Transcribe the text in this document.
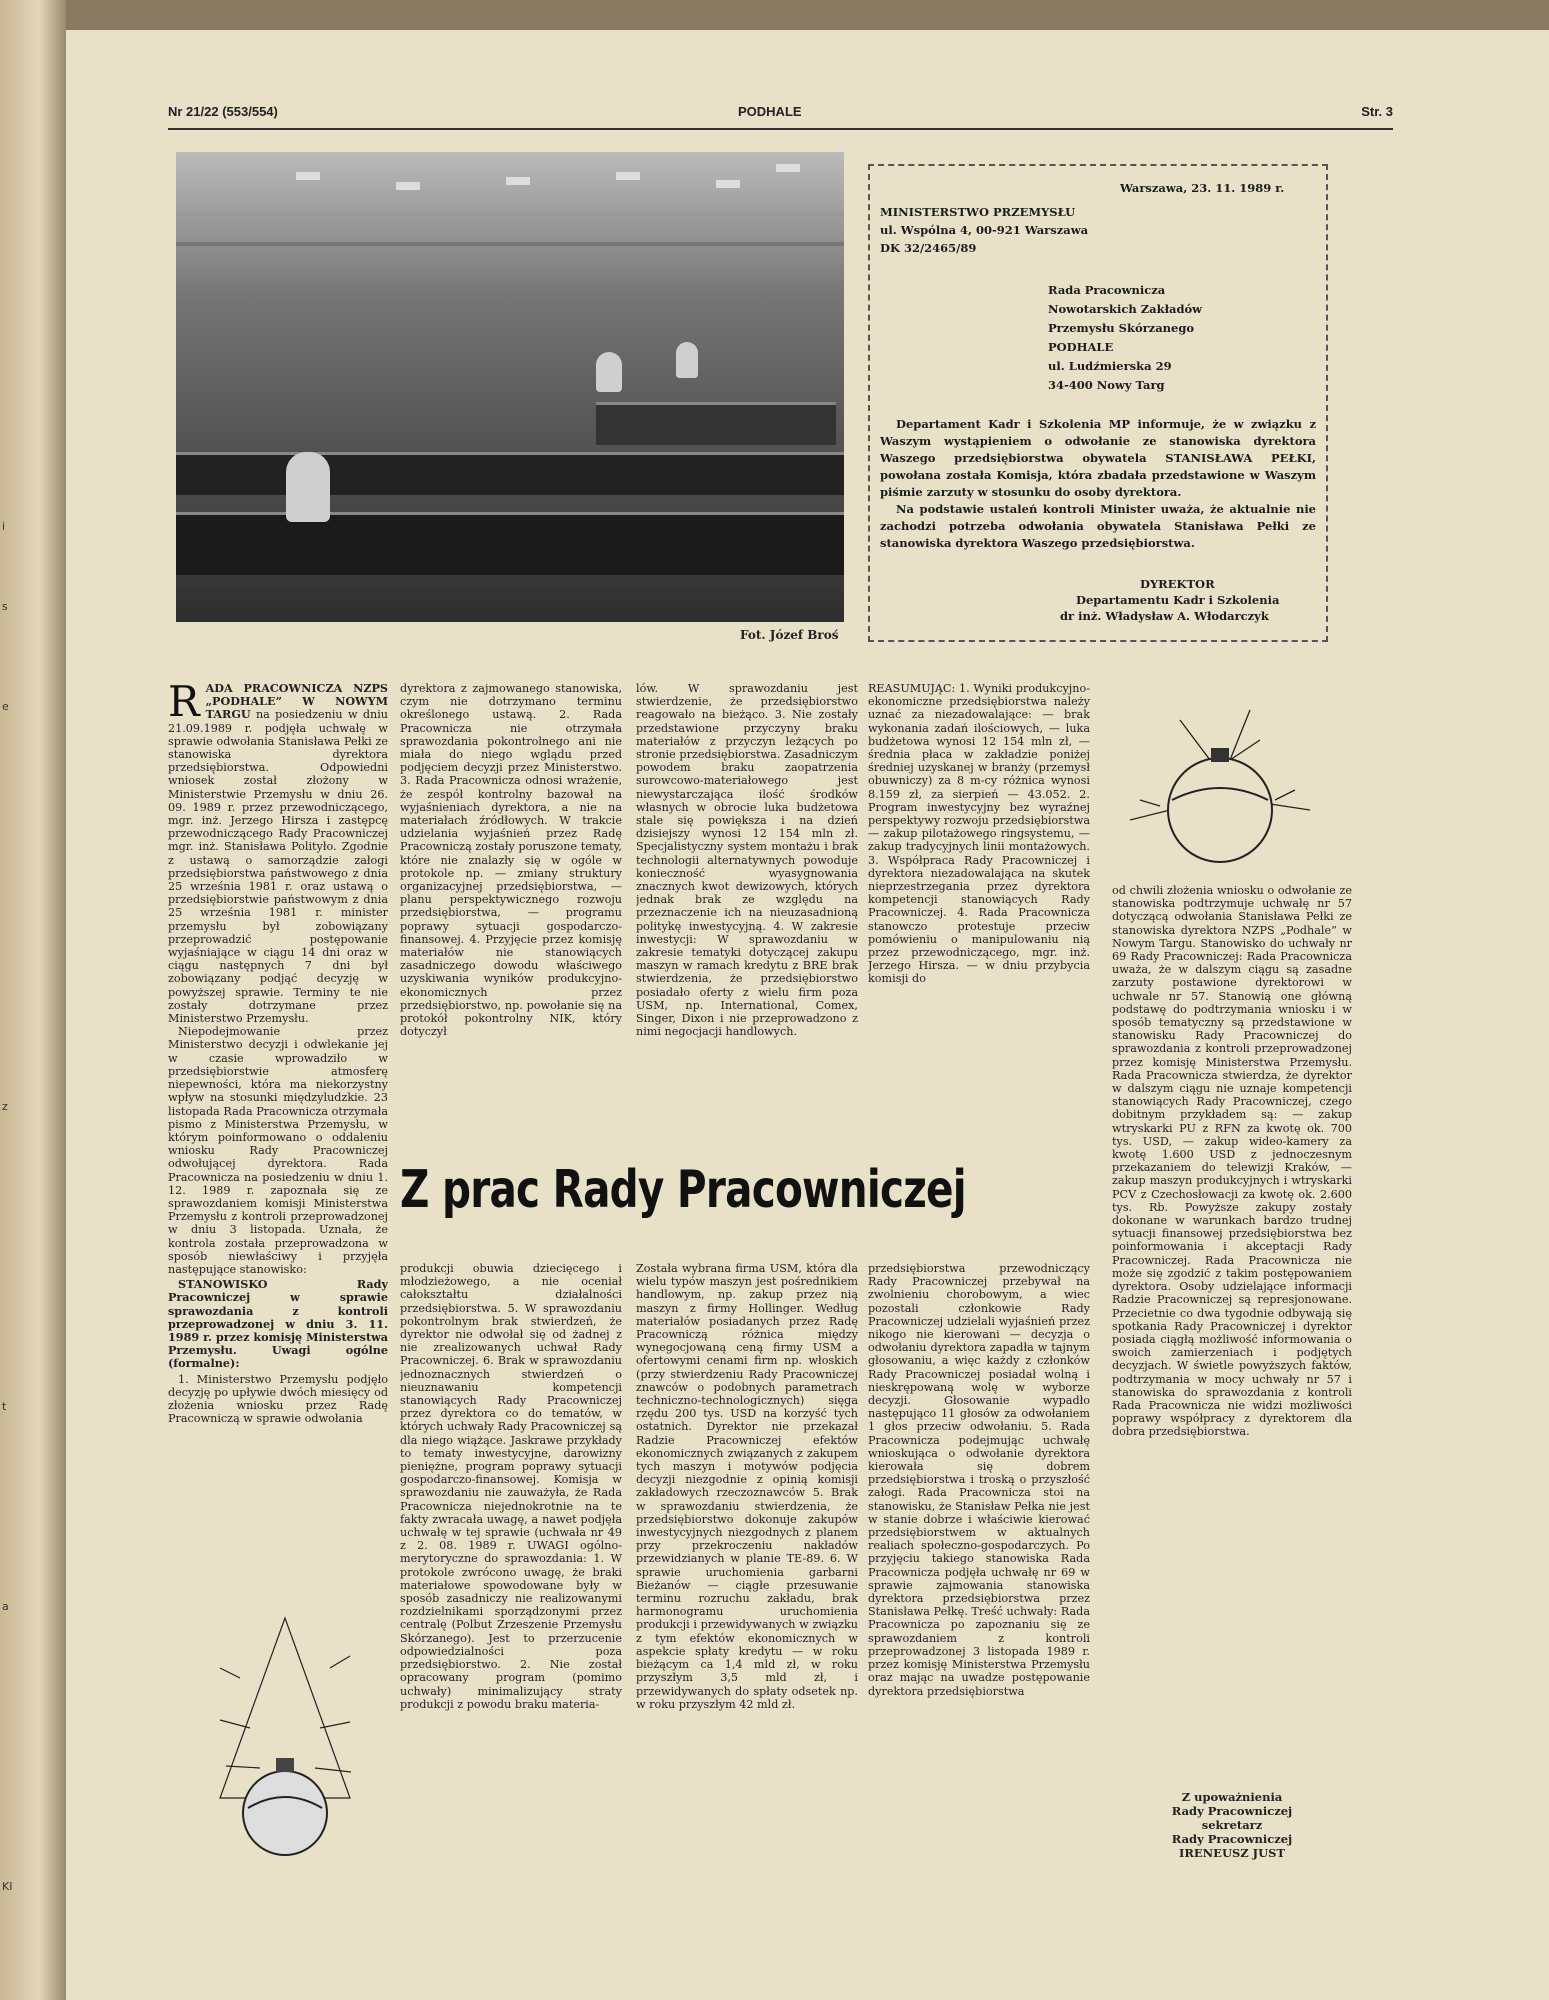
i
s
e
z
t
a
KI
Nr 21/22 (553/554)	PODHALE	Str. 3
Fot. Józef Broś
Warszawa, 23. 11. 1989 r.
MINISTERSTWO PRZEMYSŁU
ul. Wspólna 4, 00-921 Warszawa
DK 32/2465/89
Rada Pracownicza
Nowotarskich Zakładów
Przemysłu Skórzanego
PODHALE
ul. Ludźmierska 29
34-400 Nowy Targ
Departament Kadr i Szkolenia MP informuje, że w związku z Waszym wystąpieniem o odwołanie ze stanowiska dyrektora Waszego przedsiębiorstwa obywatela STANISŁAWA PEŁKI, powołana została Komisja, która zbadała przedstawione w Waszym piśmie zarzuty w stosunku do osoby dyrektora.
Na podstawie ustaleń kontroli Minister uważa, że aktualnie nie zachodzi potrzeba odwołania obywatela Stanisława Pełki ze stanowiska dyrektora Waszego przedsiębiorstwa.
DYREKTOR
Departamentu Kadr i Szkolenia
dr inż. Władysław A. Włodarczyk
R ADA PRACOWNICZA NZPS „PODHALE” W NOWYM TARGU na posiedzeniu w dniu 21.09.1989 r. podjęła uchwałę w sprawie odwołania Stanisława Pełki ze stanowiska dyrektora przedsiębiorstwa. Odpowiedni wniosek został złożony w Ministerstwie Przemysłu w dniu 26. 09. 1989 r. przez przewodniczącego, mgr. inż. Jerzego Hirsza i zastępcę przewodniczącego Rady Pracowniczej mgr. inż. Stanisława Polityło. Zgodnie z ustawą o samorządzie załogi przedsiębiorstwa państwowego z dnia 25 września 1981 r. oraz ustawą o przedsiębiorstwie państwowym z dnia 25 września 1981 r. minister przemysłu był zobowiązany przeprowadzić postępowanie wyjaśniające w ciągu 14 dni oraz w ciągu następnych 7 dni był zobowiązany podjąć decyzję w powyższej sprawie. Terminy te nie zostały dotrzymane przez Ministerstwo Przemysłu.

Niepodejmowanie przez Ministerstwo decyzji i odwlekanie jej w czasie wprowadziło w przedsiębiorstwie atmosferę niepewności, która ma niekorzystny wpływ na stosunki międzyludzkie. 23 listopada Rada Pracownicza otrzymała pismo z Ministerstwa Przemysłu, w którym poinformowano o oddaleniu wniosku Rady Pracowniczej odwołującej dyrektora. Rada Pracownicza na posiedzeniu w dniu 1. 12. 1989 r. zapoznała się ze sprawozdaniem komisji Ministerstwa Przemysłu z kontroli przeprowadzonej w dniu 3 listopada. Uznała, że kontrola została przeprowadzona w sposób niewłaściwy i przyjęła następujące stanowisko:

STANOWISKO Rady Pracowniczej w sprawie sprawozdania z kontroli przeprowadzonej w dniu 3. 11. 1989 r. przez komisję Ministerstwa Przemysłu. Uwagi ogólne (formalne):

1. Ministerstwo Przemysłu podjęło decyzję po upływie dwóch miesięcy od złożenia wniosku przez Radę Pracowniczą w sprawie odwołania

dyrektora z zajmowanego stanowiska, czym nie dotrzymano terminu określonego ustawą. 2. Rada Pracownicza nie otrzymała sprawozdania pokontrolnego ani nie miała do niego wglądu przed podjęciem decyzji przez Ministerstwo. 3. Rada Pracownicza odnosi wrażenie, że zespół kontrolny bazował na wyjaśnieniach dyrektora, a nie na materiałach źródłowych. W trakcie udzielania wyjaśnień przez Radę Pracowniczą zostały poruszone tematy, które nie znalazły się w ogóle w protokole np. — zmiany struktury organizacyjnej przedsiębiorstwa, — planu perspektywicznego rozwoju przedsiębiorstwa, — programu poprawy sytuacji gospodarczo-finansowej. 4. Przyjęcie przez komisję materiałów nie stanowiących zasadniczego dowodu właściwego uzyskiwania wyników produkcyjno-ekonomicznych przez przedsiębiorstwo, np. powołanie się na protokół pokontrolny NIK, który dotyczył
lów. W sprawozdaniu jest stwierdzenie, że przedsiębiorstwo reagowało na bieżąco. 3. Nie zostały przedstawione przyczyny braku materiałów z przyczyn leżących po stronie przedsiębiorstwa. Zasadniczym powodem braku zaopatrzenia surowcowo-materiałowego jest niewystarczająca ilość środków własnych w obrocie luka budżetowa stale się powiększa i na dzień dzisiejszy wynosi 12 154 mln zł. Specjalistyczny system montażu i brak technologii alternatywnych powoduje konieczność wyasygnowania znacznych kwot dewizowych, których jednak brak ze względu na przeznaczenie ich na nieuzasadnioną politykę inwestycyjną. 4. W zakresie inwestycji: W sprawozdaniu w zakresie tematyki dotyczącej zakupu maszyn w ramach kredytu z BRE brak stwierdzenia, że przedsiębiorstwo posiadało oferty z wielu firm poza USM, np. International, Comex, Singer, Dixon i nie przeprowadzono z nimi negocjacji handlowych.
REASUMUJĄC: 1. Wyniki produkcyjno-ekonomiczne przedsiębiorstwa należy uznać za niezadowalające: — brak wykonania zadań ilościowych, — luka budżetowa wynosi 12 154 mln zł, — średnia płaca w zakładzie poniżej średniej uzyskanej w branży (przemysł obuwniczy) za 8 m-cy różnica wynosi 8.159 zł, za sierpień — 43.052. 2. Program inwestycyjny bez wyraźnej perspektywy rozwoju przedsiębiorstwa — zakup pilotażowego ringsystemu, — zakup tradycyjnych linii montażowych. 3. Współpraca Rady Pracowniczej i dyrektora niezadowalająca na skutek nieprzestrzegania przez dyrektora kompetencji stanowiących Rady Pracowniczej. 4. Rada Pracownicza stanowczo protestuje przeciw pomówieniu o manipulowaniu nią przez przewodniczącego, mgr. inż. Jerzego Hirsza. — w dniu przybycia komisji do
Z prac Rady Pracowniczej
produkcji obuwia dziecięcego i młodzieżowego, a nie oceniał całokształtu działalności przedsiębiorstwa. 5. W sprawozdaniu pokontrolnym brak stwierdzeń, że dyrektor nie odwołał się od żadnej z nie zrealizowanych uchwał Rady Pracowniczej. 6. Brak w sprawozdaniu jednoznacznych stwierdzeń o nieuznawaniu kompetencji stanowiących Rady Pracowniczej przez dyrektora co do tematów, w których uchwały Rady Pracowniczej są dla niego wiążące. Jaskrawe przykłady to tematy inwestycyjne, darowizny pieniężne, program poprawy sytuacji gospodarczo-finansowej. Komisja w sprawozdaniu nie zauważyła, że Rada Pracownicza niejednokrotnie na te fakty zwracała uwagę, a nawet podjęła uchwałę w tej sprawie (uchwała nr 49 z 2. 08. 1989 r. UWAGI ogólno-merytoryczne do sprawozdania: 1. W protokole zwrócono uwagę, że braki materiałowe spowodowane były w sposób zasadniczy nie realizowanymi rozdzielnikami sporządzonymi przez centralę (Polbut Zrzeszenie Przemysłu Skórzanego). Jest to przerzucenie odpowiedzialności poza przedsiębiorstwo. 2. Nie został opracowany program (pomimo uchwały) minimalizujący straty produkcji z powodu braku materia-
Została wybrana firma USM, która dla wielu typów maszyn jest pośrednikiem handlowym, np. zakup przez nią maszyn z firmy Hollinger. Według materiałów posiadanych przez Radę Pracowniczą różnica między wynegocjowaną ceną firmy USM a ofertowymi cenami firm np. włoskich (przy stwierdzeniu Rady Pracowniczej znawców o podobnych parametrach techniczno-technologicznych) sięga rzędu 200 tys. USD na korzyść tych ostatnich. Dyrektor nie przekazał Radzie Pracowniczej efektów ekonomicznych związanych z zakupem tych maszyn i motywów podjęcia decyzji niezgodnie z opinią komisji zakładowych rzeczoznawców 5. Brak w sprawozdaniu stwierdzenia, że przedsiębiorstwo dokonuje zakupów inwestycyjnych niezgodnych z planem przy przekroczeniu nakładów przewidzianych w planie TE-89. 6. W sprawie uruchomienia garbarni Bieżanów — ciągłe przesuwanie terminu rozruchu zakładu, brak harmonogramu uruchomienia produkcji i przewidywanych w związku z tym efektów ekonomicznych w aspekcie spłaty kredytu — w roku bieżącym ca 1,4 mld zł, w roku przyszłym 3,5 mld zł, i przewidywanych do spłaty odsetek np. w roku przyszłym 42 mld zł.
przedsiębiorstwa przewodniczący Rady Pracowniczej przebywał na zwolnieniu chorobowym, a wiec pozostali członkowie Rady Pracowniczej udzielali wyjaśnień przez nikogo nie kierowani — decyzja o odwołaniu dyrektora zapadła w tajnym głosowaniu, a więc każdy z członków Rady Pracowniczej posiadał wolną i nieskrępowaną wolę w wyborze decyzji. Głosowanie wypadło następująco 11 głosów za odwołaniem 1 głos przeciw odwołaniu. 5. Rada Pracownicza podejmując uchwałę wnioskująca o odwołanie dyrektora kierowała się dobrem przedsiębiorstwa i troską o przyszłość załogi. Rada Pracownicza stoi na stanowisku, że Stanisław Pełka nie jest w stanie dobrze i właściwie kierować przedsiębiorstwem w aktualnych realiach społeczno-gospodarczych. Po przyjęciu takiego stanowiska Rada Pracownicza podjęła uchwałę nr 69 w sprawie zajmowania stanowiska dyrektora przedsiębiorstwa przez Stanisława Pełkę. Treść uchwały: Rada Pracownicza po zapoznaniu się ze sprawozdaniem z kontroli przeprowadzonej 3 listopada 1989 r. przez komisję Ministerstwa Przemysłu oraz mając na uwadze postępowanie dyrektora przedsiębiorstwa
od chwili złożenia wniosku o odwołanie ze stanowiska podtrzymuje uchwałę nr 57 dotyczącą odwołania Stanisława Pełki ze stanowiska dyrektora NZPS „Podhale” w Nowym Targu. Stanowisko do uchwały nr 69 Rady Pracowniczej: Rada Pracownicza uważa, że w dalszym ciągu są zasadne zarzuty postawione dyrektorowi w uchwale nr 57. Stanowią one główną podstawę do podtrzymania wniosku i w sposób tematyczny są przedstawione w stanowisku Rady Pracowniczej do sprawozdania z kontroli przeprowadzonej przez komisję Ministerstwa Przemysłu. Rada Pracownicza stwierdza, że dyrektor w dalszym ciągu nie uznaje kompetencji stanowiących Rady Pracowniczej, czego dobitnym przykładem są: — zakup wtryskarki PU z RFN za kwotę ok. 700 tys. USD, — zakup wideo-kamery za kwotę 1.600 USD z jednoczesnym przekazaniem do telewizji Kraków, — zakup maszyn produkcyjnych i wtryskarki PCV z Czechosłowacji za kwotę ok. 2.600 tys. Rb. Powyższe zakupy zostały dokonane w warunkach bardzo trudnej sytuacji finansowej przedsiębiorstwa bez poinformowania i akceptacji Rady Pracowniczej. Rada Pracownicza nie może się zgodzić z takim postępowaniem dyrektora. Osoby udzielające informacji Radzie Pracowniczej są represjonowane. Przecietnie co dwa tygodnie odbywają się spotkania Rady Pracowniczej i dyrektor posiada ciągłą możliwość informowania o swoich zamierzeniach i podjętych decyzjach. W świetle powyższych faktów, podtrzymania w mocy uchwały nr 57 i stanowiska do sprawozdania z kontroli Rada Pracownicza nie widzi możliwości poprawy współpracy z dyrektorem dla dobra przedsiębiorstwa.
Z upoważnienia
Rady Pracowniczej
sekretarz
Rady Pracowniczej
IRENEUSZ JUST
